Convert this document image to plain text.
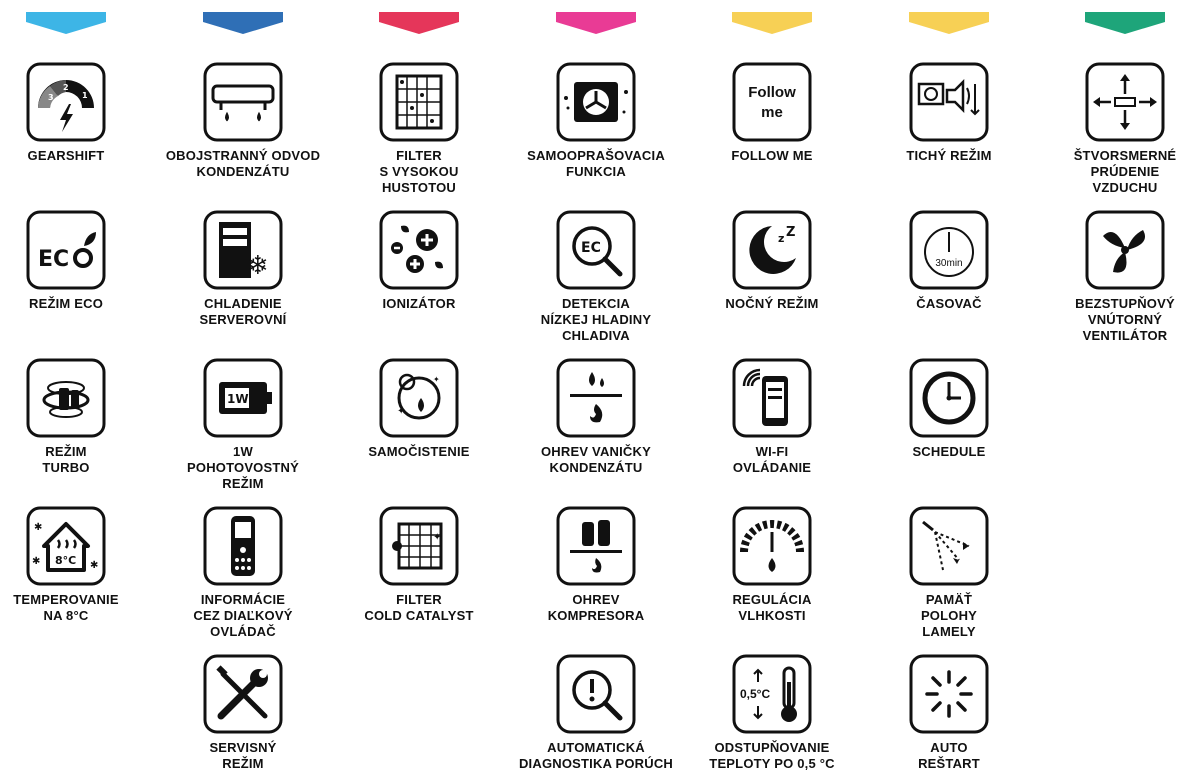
3
2
1
GEARSHIFT
EC
REŽIM ECO
REŽIM
TURBO
8°C
✱
✱	✱
TEMPEROVANIE
NA 8°C
OBOJSTRANNÝ ODVOD
KONDENZÁTU
❄
CHLADENIE
SERVEROVNÍ
1W
1W
POHOTOVOSTNÝ
REŽIM
INFORMÁCIE
CEZ DIAĽKOVÝ
OVLÁDAČ
SERVISNÝ
REŽIM
FILTER
S VYSOKOU
HUSTOTOU
IONIZÁTOR
✦
✦
SAMOČISTENIE
✦
FILTER
COLD CATALYST
SAMOOPRAŠOVACIA
FUNKCIA
EC
DETEKCIA
NÍZKEJ HLADINY
CHLADIVA
OHREV VANIČKY
KONDENZÁTU
OHREV
KOMPRESORA
AUTOMATICKÁ
DIAGNOSTIKA PORÚCH
Follow
me
FOLLOW ME
z Z
NOČNÝ REŽIM
WI-FI
OVLÁDANIE
REGULÁCIA
VLHKOSTI
0,5°C
ODSTUPŇOVANIE
TEPLOTY PO 0,5 °C
TICHÝ REŽIM
30min
ČASOVAČ
SCHEDULE
PAMÄŤ
POLOHY
LAMELY
AUTO
REŠTART
ŠTVORSMERNÉ
PRÚDENIE
VZDUCHU
BEZSTUPŇOVÝ
VNÚTORNÝ
VENTILÁTOR
